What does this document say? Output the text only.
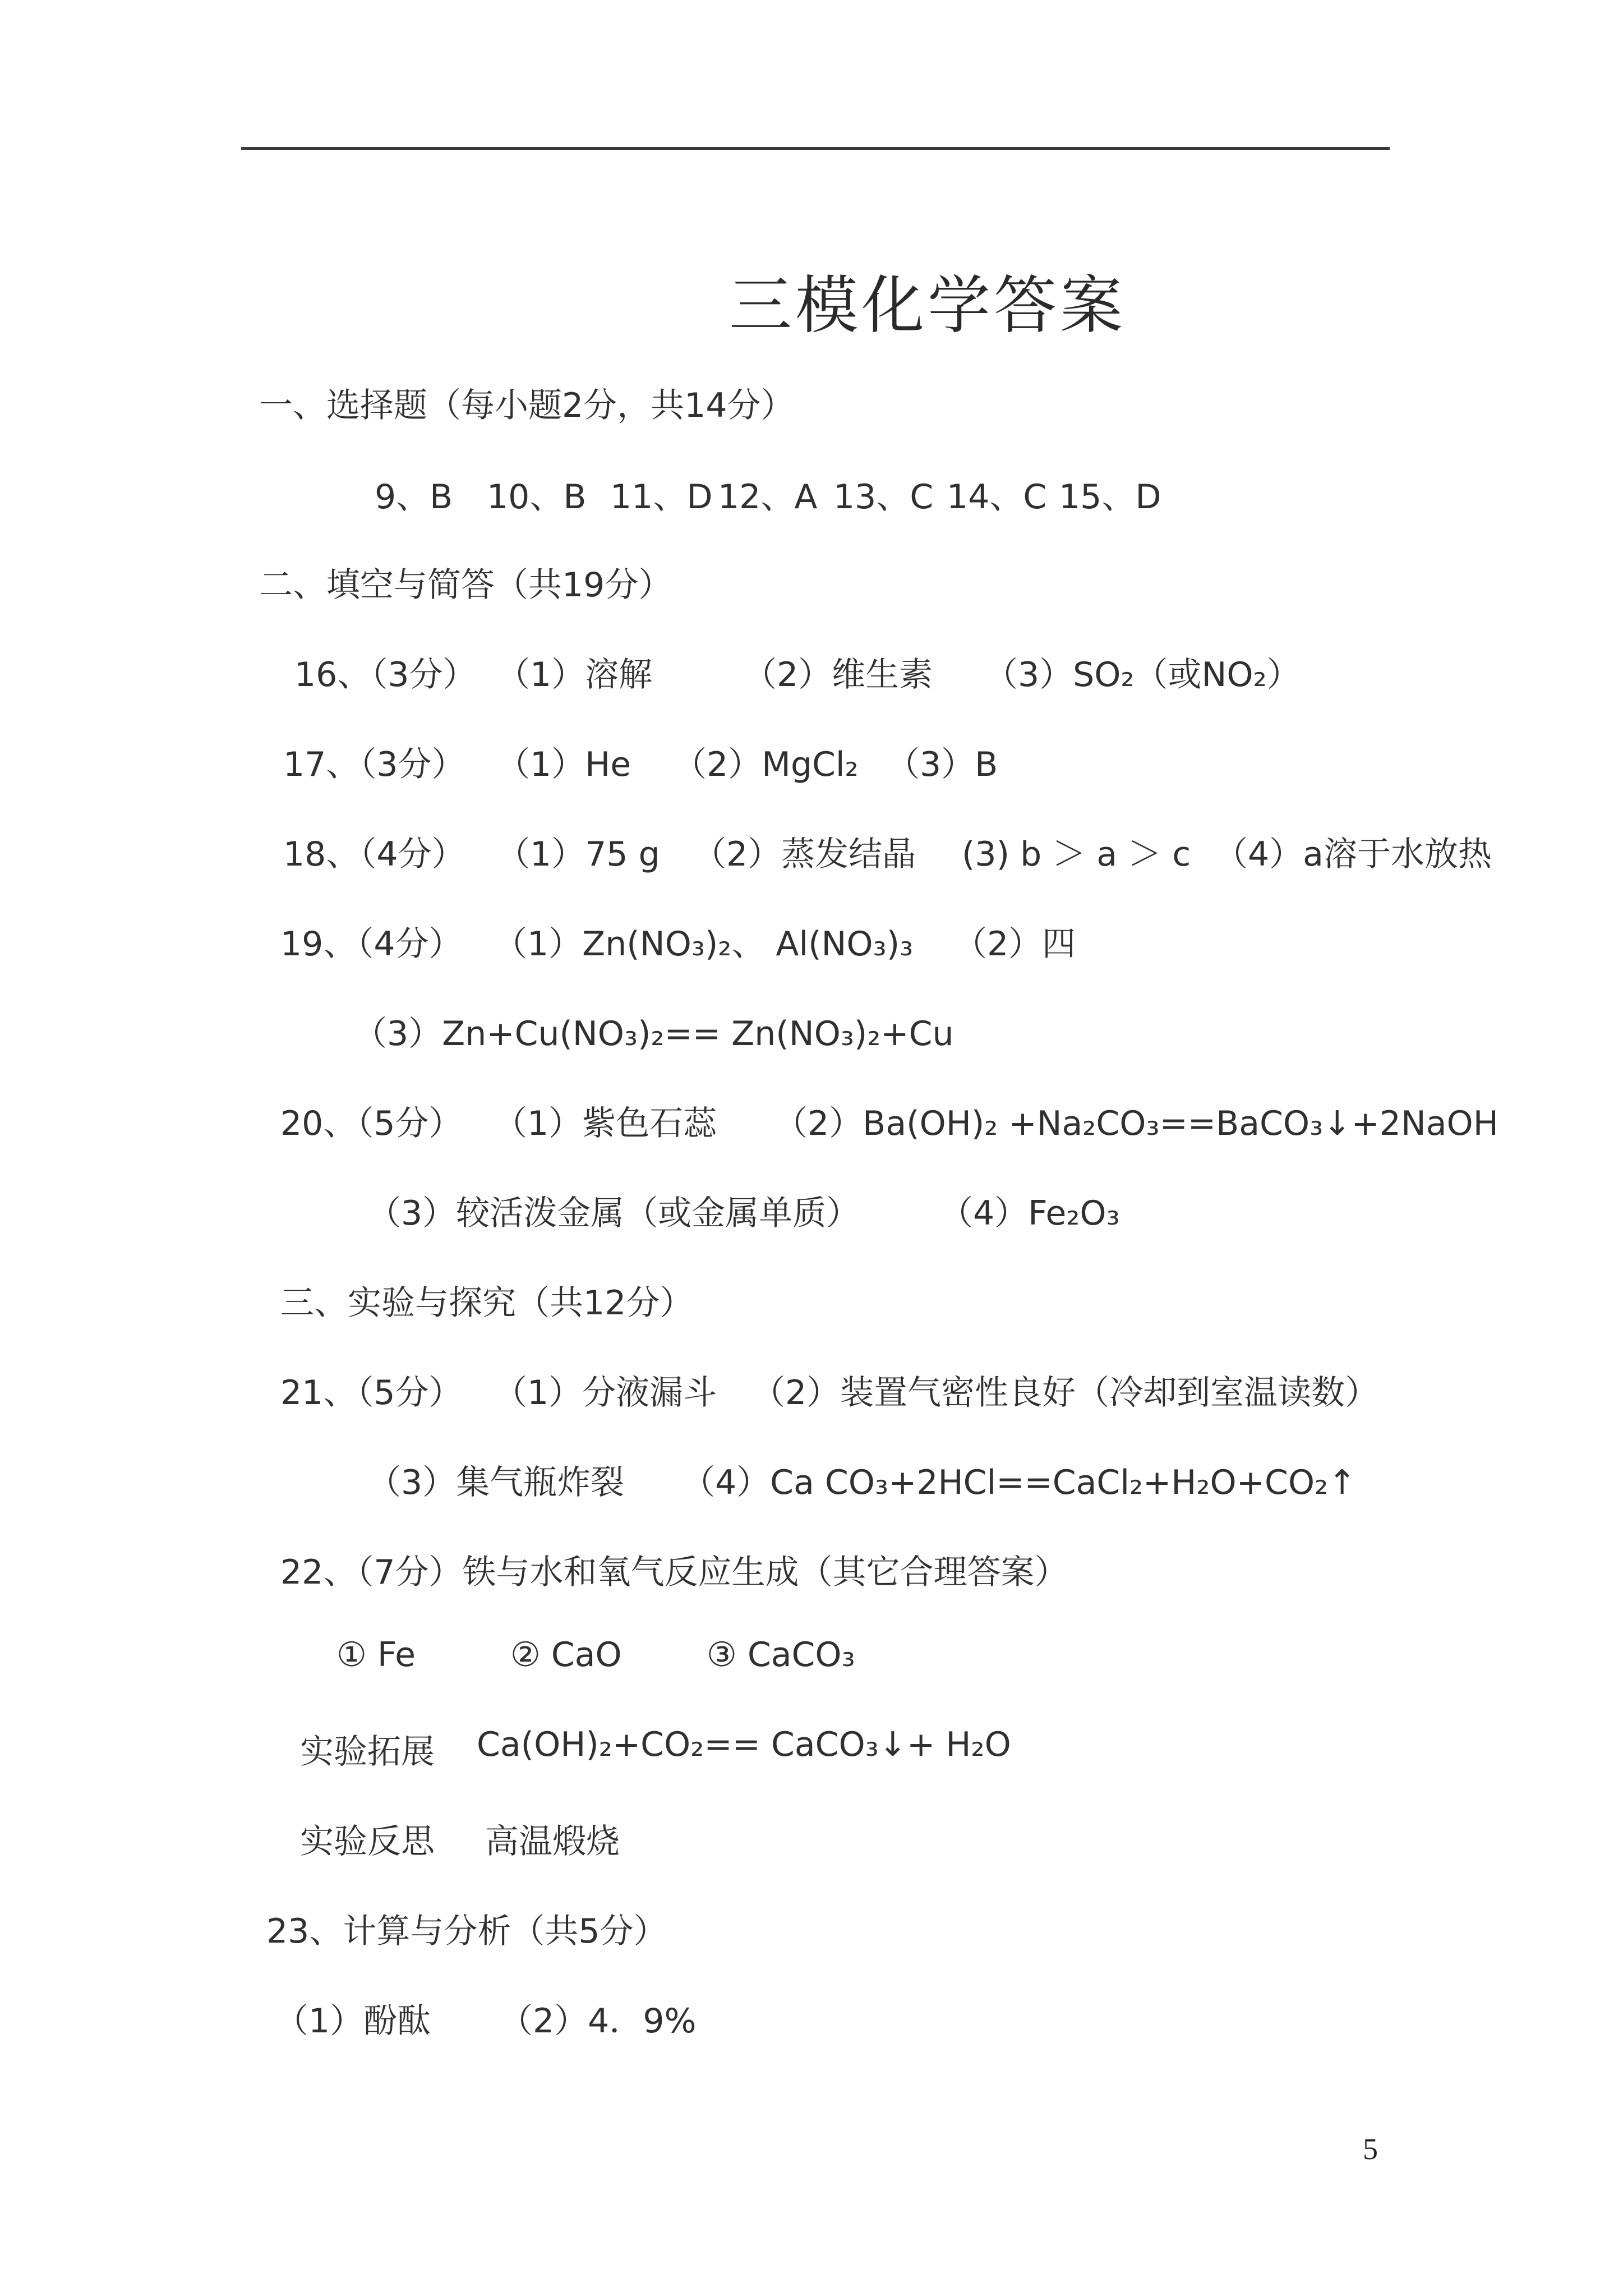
三模化学答案
一、选择题（每小题2分，共14分）
9、B 10、B 11、D 12、A 13、C 14、C 15、D
二、填空与简答（共19分）
16、（3分） （1）溶解	（2）维生素 （3）SO₂（或NO₂）
17、（3分） （1）He （2）MgCl₂ （3）B
18、（4分） （1）75 g （2）蒸发结晶 (3) b ＞ a ＞ c （4）a溶于水放热
19、（4分） （1）Zn(NO₃)₂、 Al(NO₃)₃ （2）四
（3）Zn+Cu(NO₃)₂== Zn(NO₃)₂+Cu
20、（5分） （1）紫色石蕊 （2）Ba(OH)₂ +Na₂CO₃==BaCO₃↓+2NaOH
（3）较活泼金属（或金属单质） （4）Fe₂O₃
三、实验与探究（共12分）
21、（5分） （1）分液漏斗 （2）装置气密性良好（冷却到室温读数）
（3）集气瓶炸裂 （4）Ca CO₃+2HCl==CaCl₂+H₂O+CO₂↑
22、（7分）铁与水和氧气反应生成（其它合理答案）
① Fe	② CaO	③ CaCO₃
实验拓展 Ca(OH)₂+CO₂== CaCO₃↓+ H₂O
实验反思 高温煅烧
23、计算与分析（共5分）
（1）酚酞 （2）4．9%
5
